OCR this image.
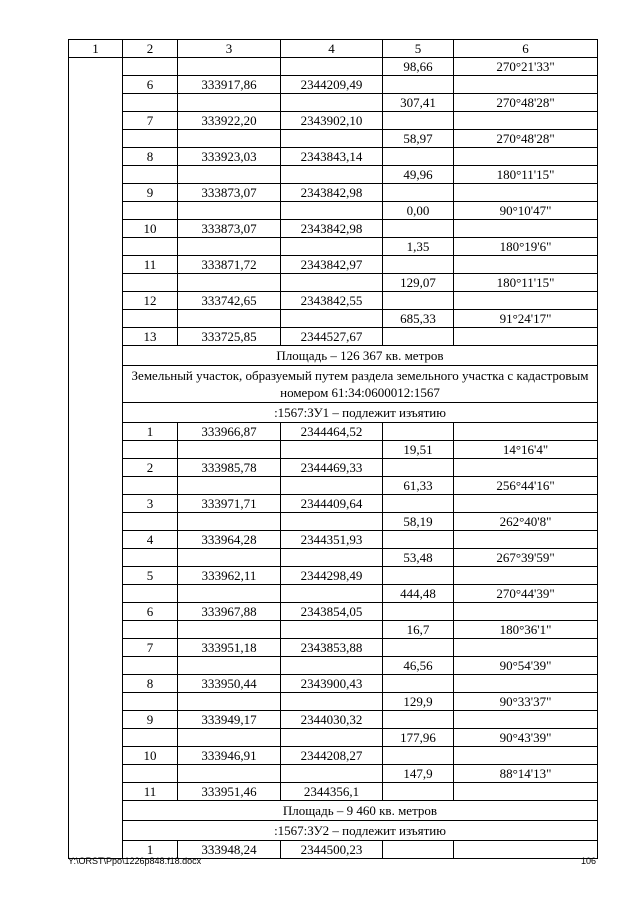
1	2	3	4	5	6
				98,66	270°21'33"
	6	333917,86	2344209,49		
				307,41	270°48'28"
	7	333922,20	2343902,10		
				58,97	270°48'28"
	8	333923,03	2343843,14		
				49,96	180°11'15"
	9	333873,07	2343842,98		
				0,00	90°10'47"
	10	333873,07	2343842,98		
				1,35	180°19'6"
	11	333871,72	2343842,97		
				129,07	180°11'15"
	12	333742,65	2343842,55		
				685,33	91°24'17"
	13	333725,85	2344527,67		
	Площадь – 126 367 кв. метров				
	Земельный участок, образуемый путем раздела земельного участка с кадастровым номером 61:34:0600012:1567				
	:1567:ЗУ1 – подлежит изъятию				
	1	333966,87	2344464,52		
				19,51	14°16'4"
	2	333985,78	2344469,33		
				61,33	256°44'16"
	3	333971,71	2344409,64		
				58,19	262°40'8"
	4	333964,28	2344351,93		
				53,48	267°39'59"
	5	333962,11	2344298,49		
				444,48	270°44'39"
	6	333967,88	2343854,05		
				16,7	180°36'1"
	7	333951,18	2343853,88		
				46,56	90°54'39"
	8	333950,44	2343900,43		
				129,9	90°33'37"
	9	333949,17	2344030,32		
				177,96	90°43'39"
	10	333946,91	2344208,27		
				147,9	88°14'13"
	11	333951,46	2344356,1		
	Площадь – 9 460 кв. метров				
	:1567:ЗУ2 – подлежит изъятию				
	1	333948,24	2344500,23		
Y:\ORST\Ppo\1226p848.f18.docx	106
